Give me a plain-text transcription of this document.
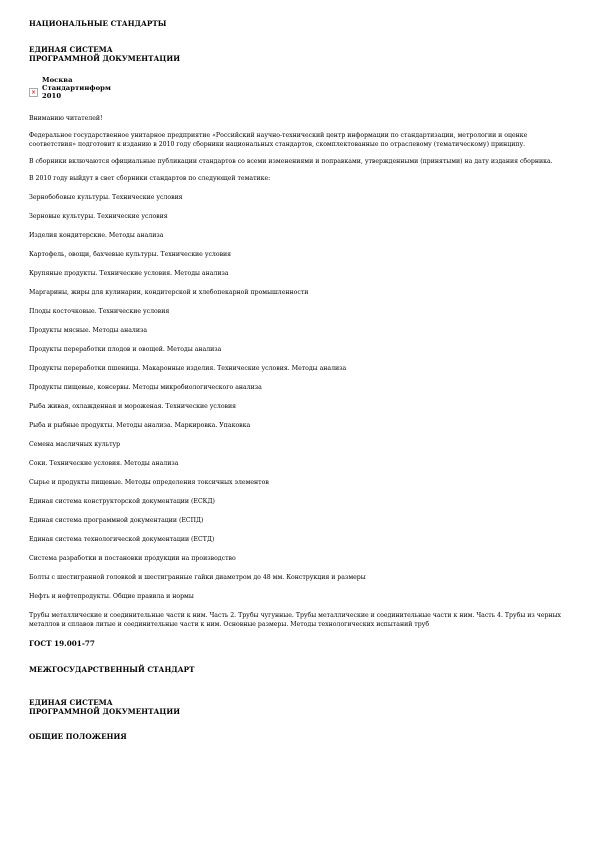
НАЦИОНАЛЬНЫЕ СТАНДАРТЫ
ЕДИНАЯ СИСТЕМА
ПРОГРАММНОЙ ДОКУМЕНТАЦИИ
×
Москва
Стандартинформ
2010
Вниманию читателей!
Федеральное государственное унитарное предприятие «Российский научно-технический центр информации по стандартизации, метрологии и оценке соответствия» подготовит к изданию в 2010 году сборники национальных стандартов, скомплектованные по отраслевому (тематическому) принципу.
В сборники включаются официальные публикации стандартов со всеми изменениями и поправками, утвержденными (принятыми) на дату издания сборника.
В 2010 году выйдут в свет сборники стандартов по следующей тематике:
Зернобобовые культуры. Технические условия
Зерновые культуры. Технические условия
Изделия кондитерские. Методы анализа
Картофель, овощи, бахчевые культуры. Технические условия
Крупяные продукты. Технические условия. Методы анализа
Маргарины, жиры для кулинарии, кондитерской и хлебопекарной промышленности
Плоды косточковые. Технические условия
Продукты мясные. Методы анализа
Продукты переработки плодов и овощей. Методы анализа
Продукты переработки пшеницы. Макаронные изделия. Технические условия. Методы анализа
Продукты пищевые, консервы. Методы микробиологического анализа
Рыба живая, охлажденная и мороженая. Технические условия
Рыба и рыбные продукты. Методы анализа. Маркировка. Упаковка
Семена масличных культур
Соки. Технические условия. Методы анализа
Сырье и продукты пищевые. Методы определения токсичных элементов
Единая система конструкторской документации (ЕСКД)
Единая система программной документации (ЕСПД)
Единая система технологической документации (ЕСТД)
Система разработки и постановки продукции на производство
Болты с шестигранной головкой и шестигранные гайки диаметром до 48 мм. Конструкция и размеры
Нефть и нефтепродукты. Общие правила и нормы
Трубы металлические и соединительные части к ним. Часть 2. Трубы чугунные. Трубы металлические и соединительные части к ним. Часть 4. Трубы из черных металлов и сплавов литые и соединительные части к ним. Основные размеры. Методы технологических испытаний труб
ГОСТ 19.001-77
МЕЖГОСУДАРСТВЕННЫЙ СТАНДАРТ
ЕДИНАЯ СИСТЕМА
ПРОГРАММНОЙ ДОКУМЕНТАЦИИ
ОБЩИЕ ПОЛОЖЕНИЯ
